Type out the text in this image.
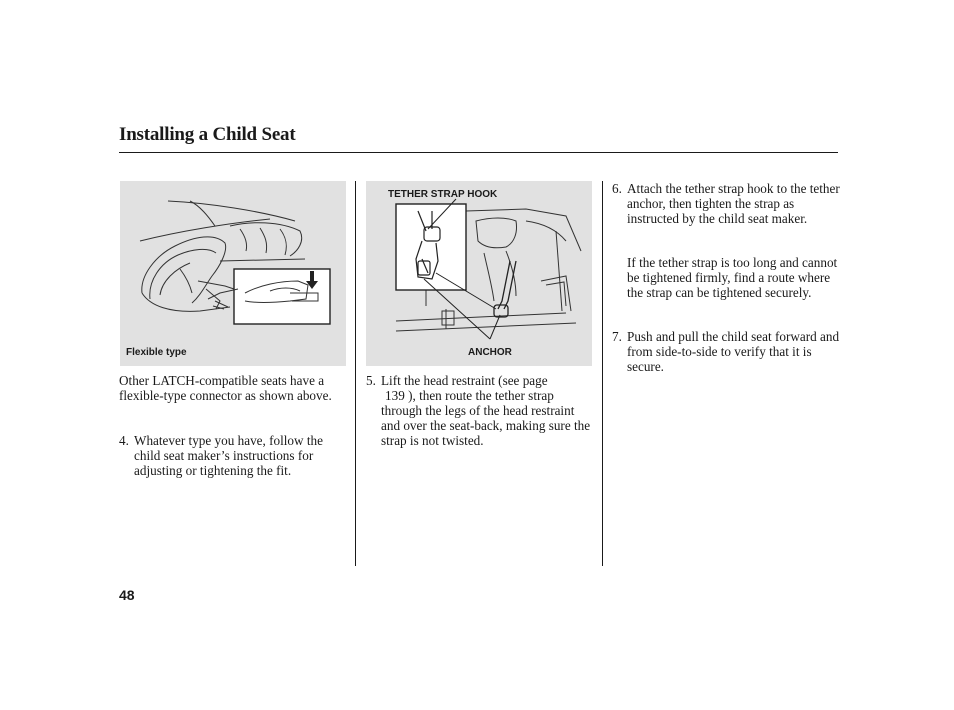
Installing a Child Seat
Flexible type
TETHER STRAP HOOK
ANCHOR
Other LATCH-compatible seats have a flexible-type connector as shown above.
4. Whatever type you have, follow the child seat maker’s instructions for adjusting or tightening the fit.
5. Lift the head restraint (see page
139 ), then route the tether strap
through the legs of the head restraint and over the seat-back, making sure the strap is not twisted.
6. Attach the tether strap hook to the tether anchor, then tighten the strap as instructed by the child seat maker.
If the tether strap is too long and cannot be tightened firmly, find a route where the strap can be tightened securely.
7. Push and pull the child seat forward and from side-to-side to verify that it is secure.
48
